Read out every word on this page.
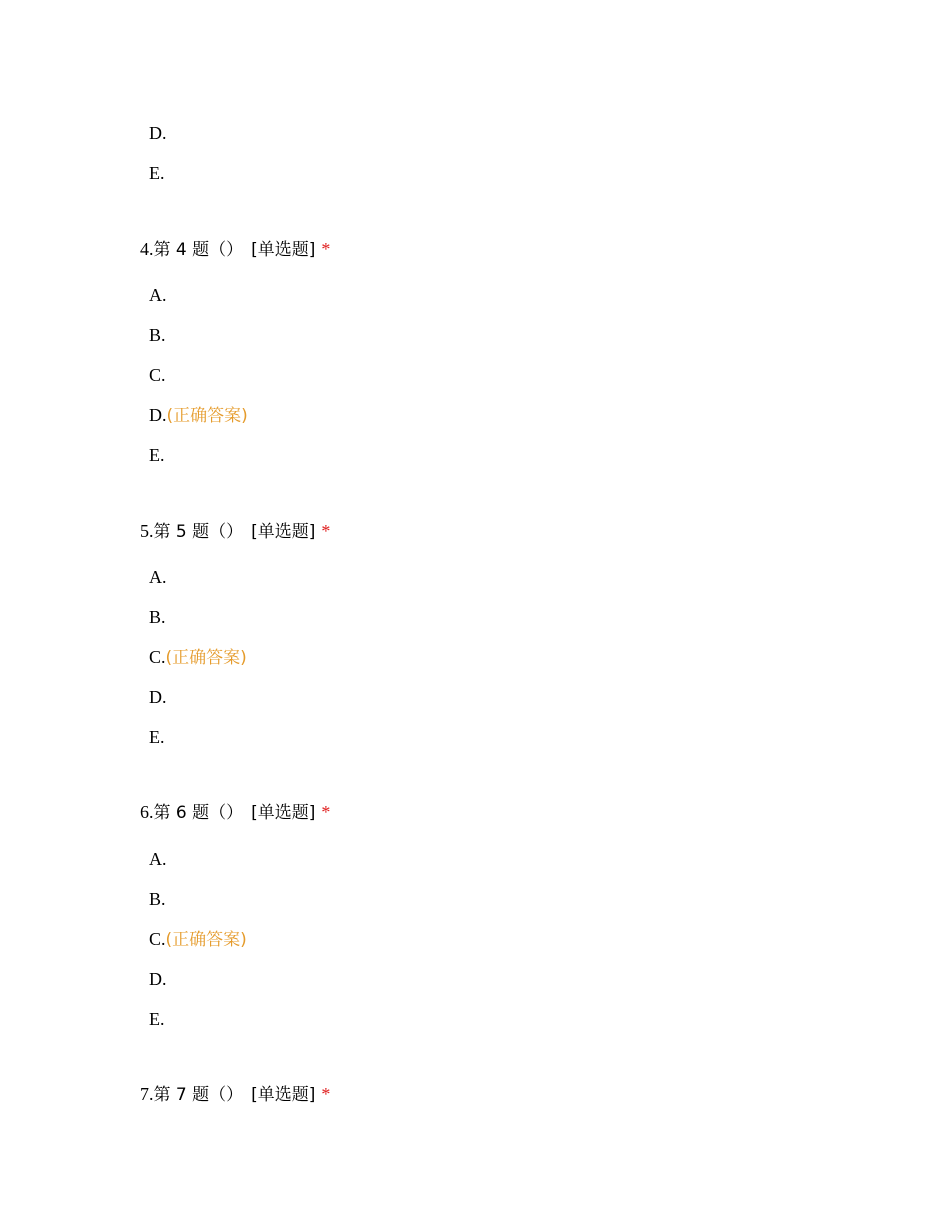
D.
E.
4.第 4 题（） [单选题] *
A.
B.
C.
D.(正确答案)
E.
5.第 5 题（） [单选题] *
A.
B.
C.(正确答案)
D.
E.
6.第 6 题（） [单选题] *
A.
B.
C.(正确答案)
D.
E.
7.第 7 题（） [单选题] *
